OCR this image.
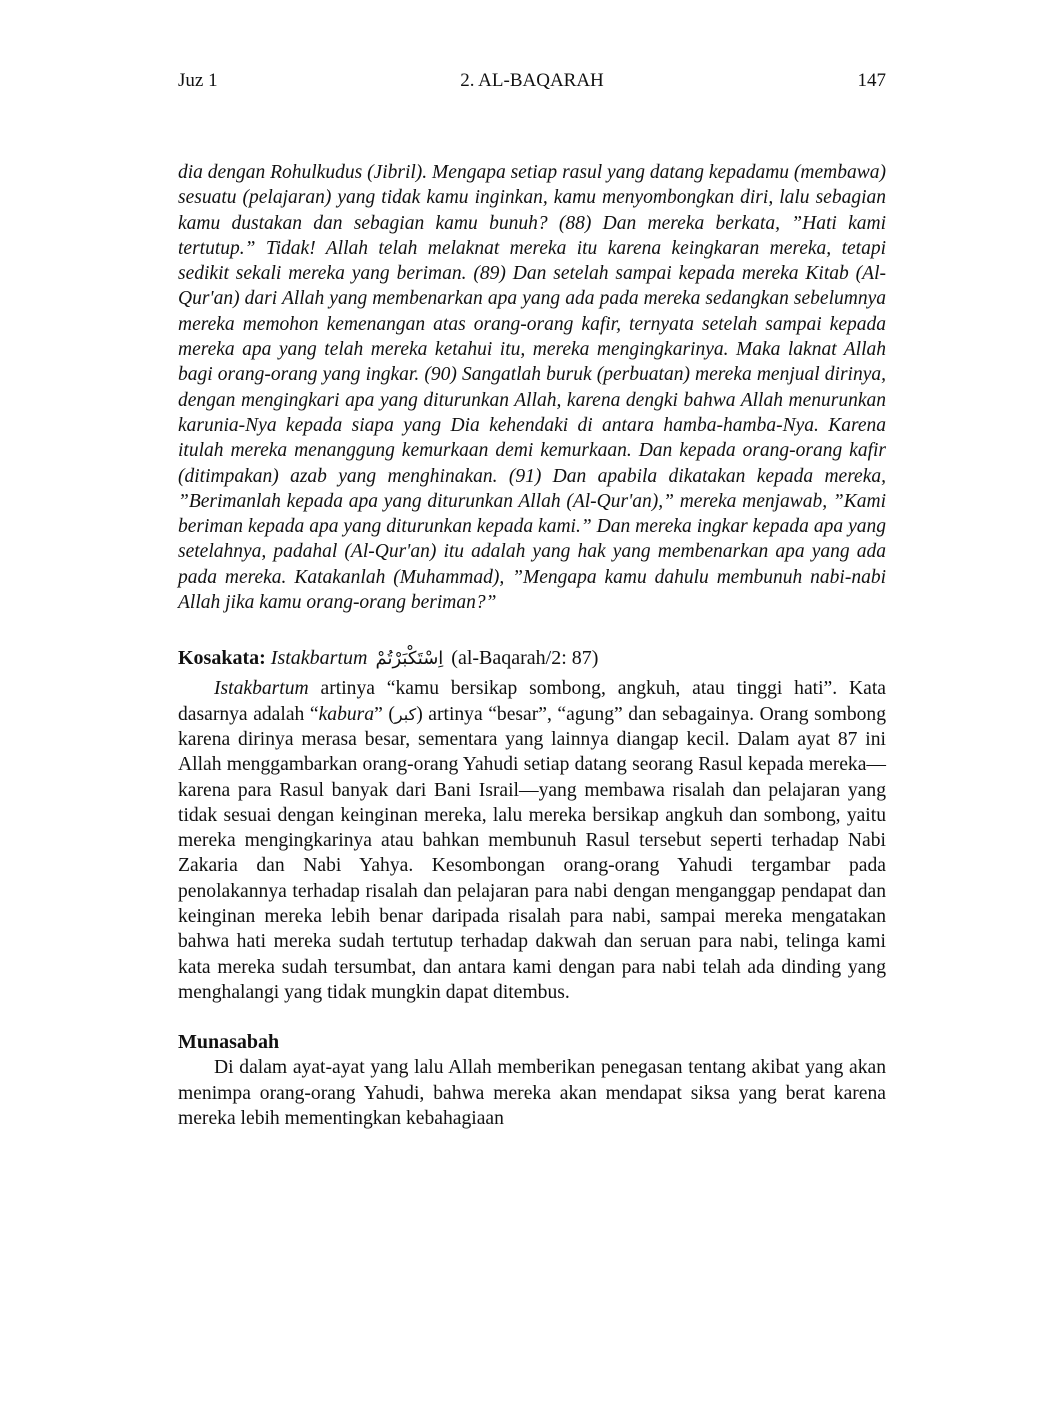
Juz 1	2. AL-BAQARAH	147
dia dengan Rohulkudus (Jibril). Mengapa setiap rasul yang datang kepadamu (membawa) sesuatu (pelajaran) yang tidak kamu inginkan, kamu menyombongkan diri, lalu sebagian kamu dustakan dan sebagian kamu bunuh? (88) Dan mereka berkata, ”Hati kami tertutup.” Tidak! Allah telah melaknat mereka itu karena keingkaran mereka, tetapi sedikit sekali mereka yang beriman. (89) Dan setelah sampai kepada mereka Kitab (Al-Qur'an) dari Allah yang membenarkan apa yang ada pada mereka sedangkan sebelumnya mereka memohon kemenangan atas orang-orang kafir, ternyata setelah sampai kepada mereka apa yang telah mereka ketahui itu, mereka mengingkarinya. Maka laknat Allah bagi orang-orang yang ingkar. (90) Sangatlah buruk (perbuatan) mereka menjual dirinya, dengan mengingkari apa yang diturunkan Allah, karena dengki bahwa Allah menurunkan karunia-Nya kepada siapa yang Dia kehendaki di antara hamba-hamba-Nya. Karena itulah mereka menanggung kemurkaan demi kemurkaan. Dan kepada orang-orang kafir (ditimpakan) azab yang menghinakan. (91) Dan apabila dikatakan kepada mereka, ”Berimanlah kepada apa yang diturunkan Allah (Al-Qur'an),” mereka menjawab, ”Kami beriman kepada apa yang diturunkan kepada kami.” Dan mereka ingkar kepada apa yang setelahnya, padahal (Al-Qur'an) itu adalah yang hak yang membenarkan apa yang ada pada mereka. Katakanlah (Muhammad), ”Mengapa kamu dahulu membunuh nabi-nabi Allah jika kamu orang-orang beriman?”
Kosakata: Istakbartum اِسْتَكْبَرْتُمْ (al-Baqarah/2: 87)

Istakbartum artinya “kamu bersikap sombong, angkuh, atau tinggi hati”. Kata dasarnya adalah “kabura” (كبر) artinya “besar”, “agung” dan sebagainya. Orang sombong karena dirinya merasa besar, sementara yang lainnya diangap kecil. Dalam ayat 87 ini Allah menggambarkan orang-orang Yahudi setiap datang seorang Rasul kepada mereka—karena para Rasul banyak dari Bani Israil—yang membawa risalah dan pelajaran yang tidak sesuai dengan keinginan mereka, lalu mereka bersikap angkuh dan sombong, yaitu mereka mengingkarinya atau bahkan membunuh Rasul tersebut seperti terhadap Nabi Zakaria dan Nabi Yahya. Kesombongan orang-orang Yahudi tergambar pada penolakannya terhadap risalah dan pelajaran para nabi dengan menganggap pendapat dan keinginan mereka lebih benar daripada risalah para nabi, sampai mereka mengatakan bahwa hati mereka sudah tertutup terhadap dakwah dan seruan para nabi, telinga kami kata mereka sudah tersumbat, dan antara kami dengan para nabi telah ada dinding yang menghalangi yang tidak mungkin dapat ditembus.

Munasabah

Di dalam ayat-ayat yang lalu Allah memberikan penegasan tentang akibat yang akan menimpa orang-orang Yahudi, bahwa mereka akan mendapat siksa yang berat karena mereka lebih mementingkan kebahagiaan
